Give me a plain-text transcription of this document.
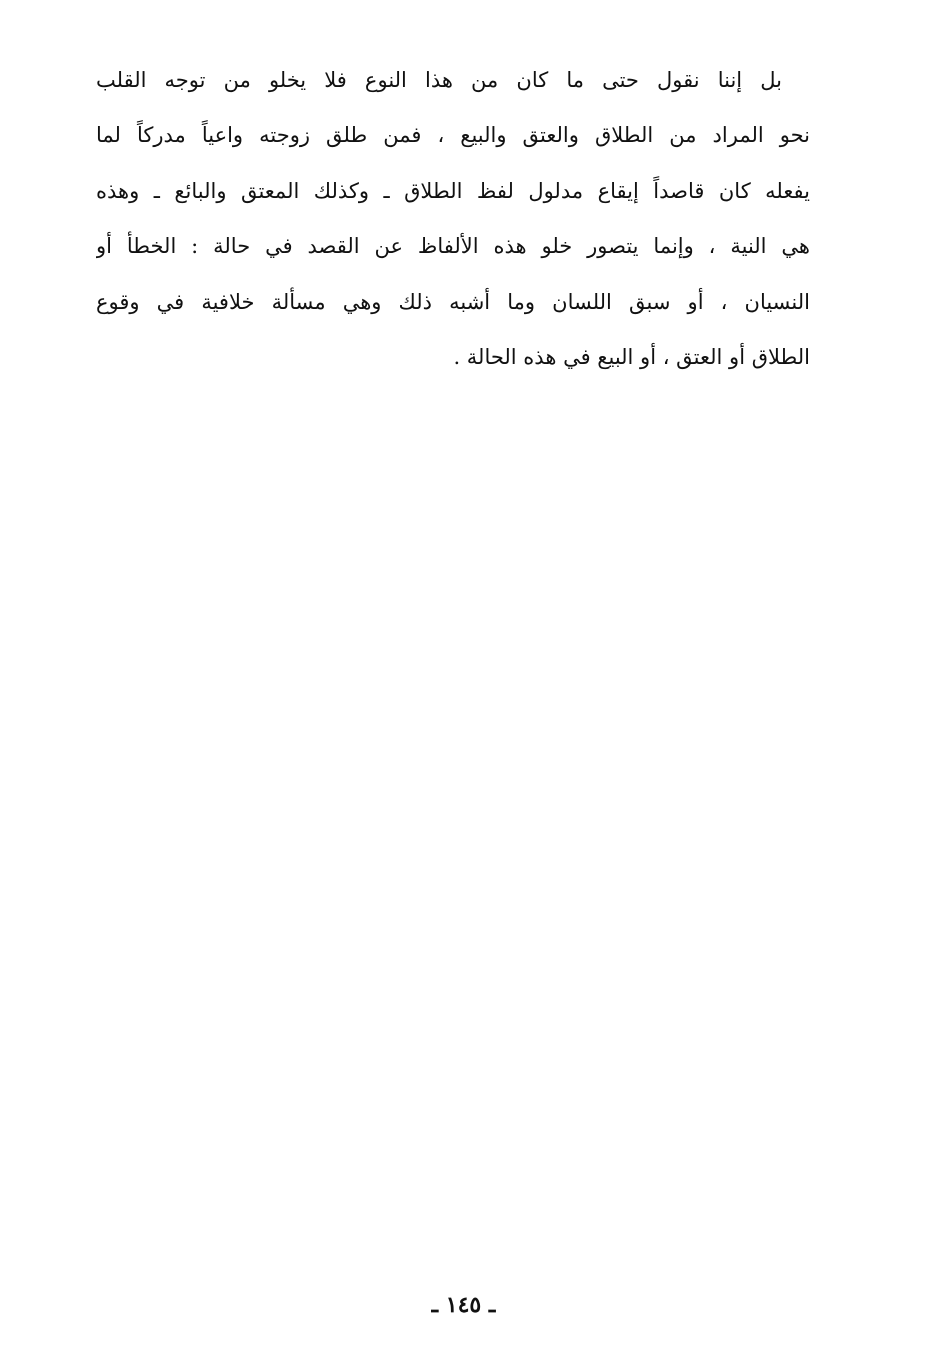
بل إننا نقول حتى ما كان من هذا النوع فلا يخلو من توجه القلب
نحو المراد من الطلاق والعتق والبيع ، فمن طلق زوجته واعياً مدركاً لما
يفعله كان قاصداً إيقاع مدلول لفظ الطلاق ـ وكذلك المعتق والبائع ـ وهذه
هي النية ، وإنما يتصور خلو هذه الألفاظ عن القصد في حالة : الخطأ أو
النسيان ، أو سبق اللسان وما أشبه ذلك وهي مسألة خلافية في وقوع
الطلاق أو العتق ، أو البيع في هذه الحالة .
ـ ١٤٥ ـ
